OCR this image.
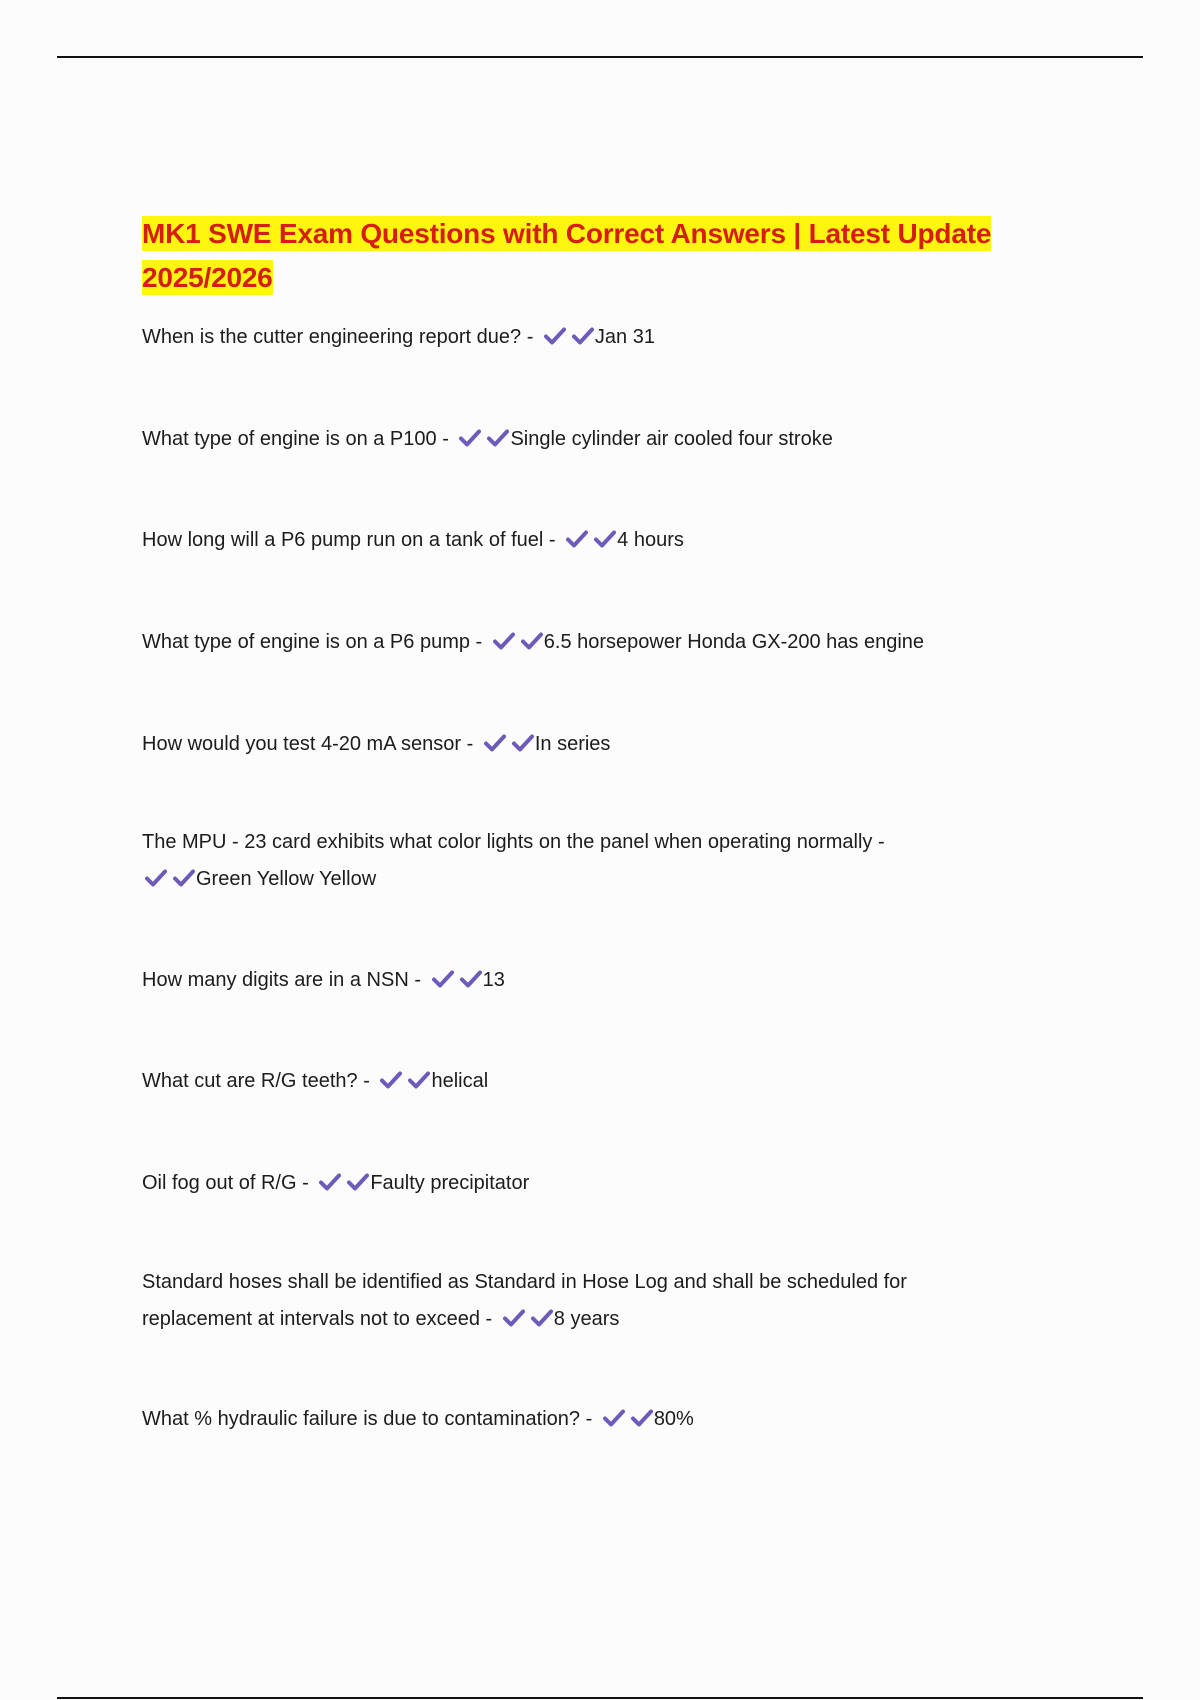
MK1 SWE Exam Questions with Correct Answers | Latest Update 2025/2026

When is the cutter engineering report due? -	Jan 31

What type of engine is on a P100 -	Single cylinder air cooled four stroke

How long will a P6 pump run on a tank of fuel -	4 hours

What type of engine is on a P6 pump -	6.5 horsepower Honda GX-200 has engine

How would you test 4-20 mA sensor -	In series

The MPU - 23 card exhibits what color lights on the panel when operating normally -

Green Yellow Yellow

How many digits are in a NSN -	13

What cut are R/G teeth? -	helical

Oil fog out of R/G -	Faulty precipitator

Standard hoses shall be identified as Standard in Hose Log and shall be scheduled for replacement at intervals not to exceed -	8 years

What % hydraulic failure is due to contamination? -	80%
